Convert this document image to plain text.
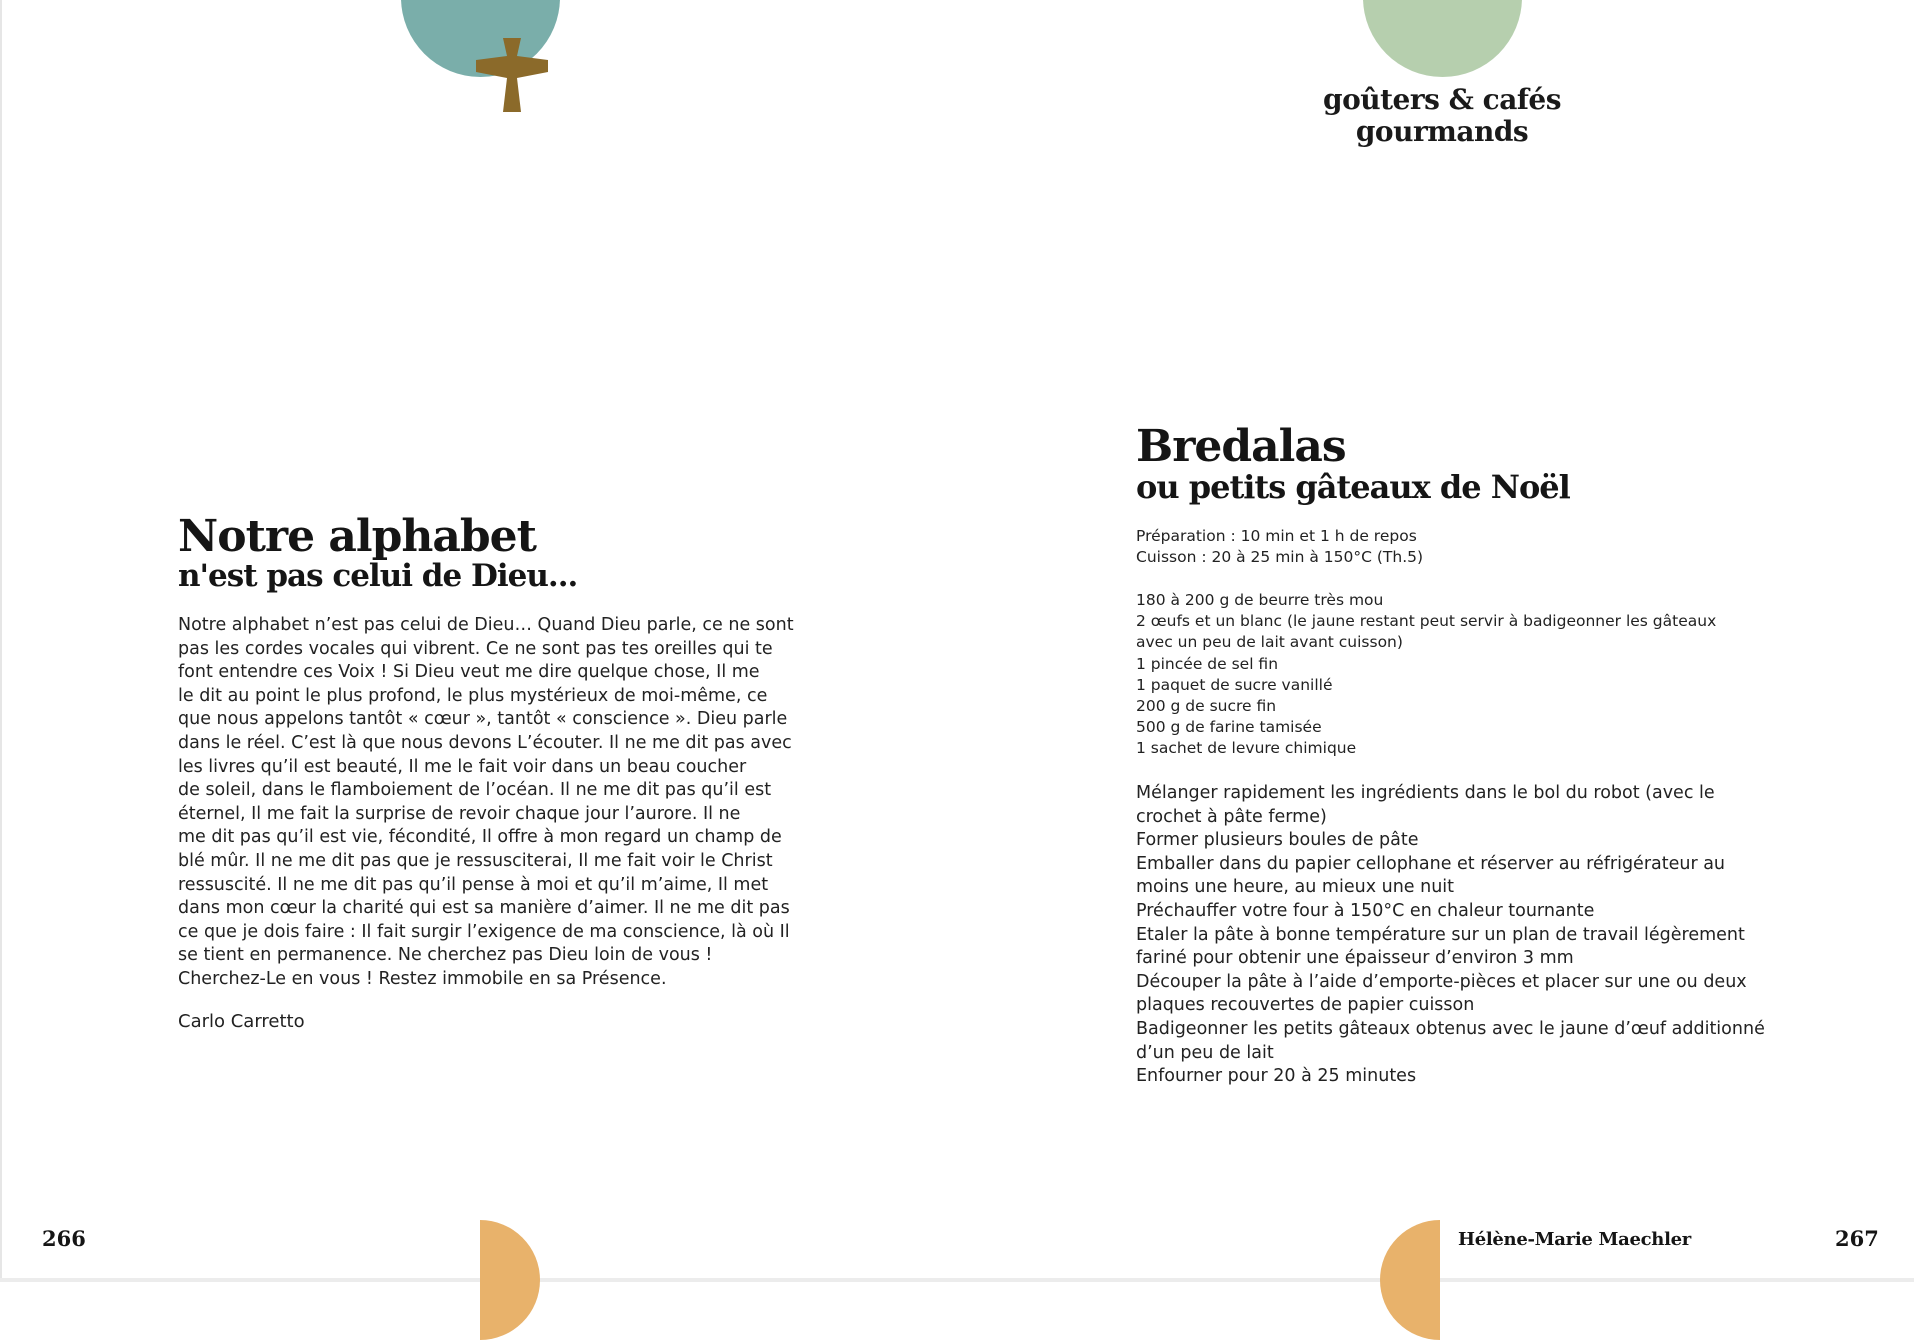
goûters & cafés
gourmands
Notre alphabet
n'est pas celui de Dieu...

Notre alphabet n’est pas celui de Dieu… Quand Dieu parle, ce ne sont

pas les cordes vocales qui vibrent. Ce ne sont pas tes oreilles qui te

font entendre ces Voix ! Si Dieu veut me dire quelque chose, Il me

le dit au point le plus profond, le plus mystérieux de moi-même, ce

que nous appelons tantôt « cœur », tantôt « conscience ». Dieu parle

dans le réel. C’est là que nous devons L’écouter. Il ne me dit pas avec

les livres qu’il est beauté, Il me le fait voir dans un beau coucher

de soleil, dans le flamboiement de l’océan. Il ne me dit pas qu’il est

éternel, Il me fait la surprise de revoir chaque jour l’aurore. Il ne

me dit pas qu’il est vie, fécondité, Il offre à mon regard un champ de

blé mûr. Il ne me dit pas que je ressusciterai, Il me fait voir le Christ

ressuscité. Il ne me dit pas qu’il pense à moi et qu’il m’aime, Il met

dans mon cœur la charité qui est sa manière d’aimer. Il ne me dit pas

ce que je dois faire : Il fait surgir l’exigence de ma conscience, là où Il

se tient en permanence. Ne cherchez pas Dieu loin de vous !

Cherchez-Le en vous ! Restez immobile en sa Présence.

Carlo Carretto
Bredalas
ou petits gâteaux de Noël

Préparation : 10 min et 1 h de repos

Cuisson : 20 à 25 min à 150°C (Th.5)

180 à 200 g de beurre très mou

2 œufs et un blanc (le jaune restant peut servir à badigeonner les gâteaux

avec un peu de lait avant cuisson)

1 pincée de sel fin

1 paquet de sucre vanillé

200 g de sucre fin

500 g de farine tamisée

1 sachet de levure chimique

Mélanger rapidement les ingrédients dans le bol du robot (avec le

crochet à pâte ferme)

Former plusieurs boules de pâte

Emballer dans du papier cellophane et réserver au réfrigérateur au

moins une heure, au mieux une nuit

Préchauffer votre four à 150°C en chaleur tournante

Etaler la pâte à bonne température sur un plan de travail légèrement

fariné pour obtenir une épaisseur d’environ 3 mm

Découper la pâte à l’aide d’emporte-pièces et placer sur une ou deux

plaques recouvertes de papier cuisson

Badigeonner les petits gâteaux obtenus avec le jaune d’œuf additionné

d’un peu de lait

Enfourner pour 20 à 25 minutes

266	Hélène-Marie Maechler	267
